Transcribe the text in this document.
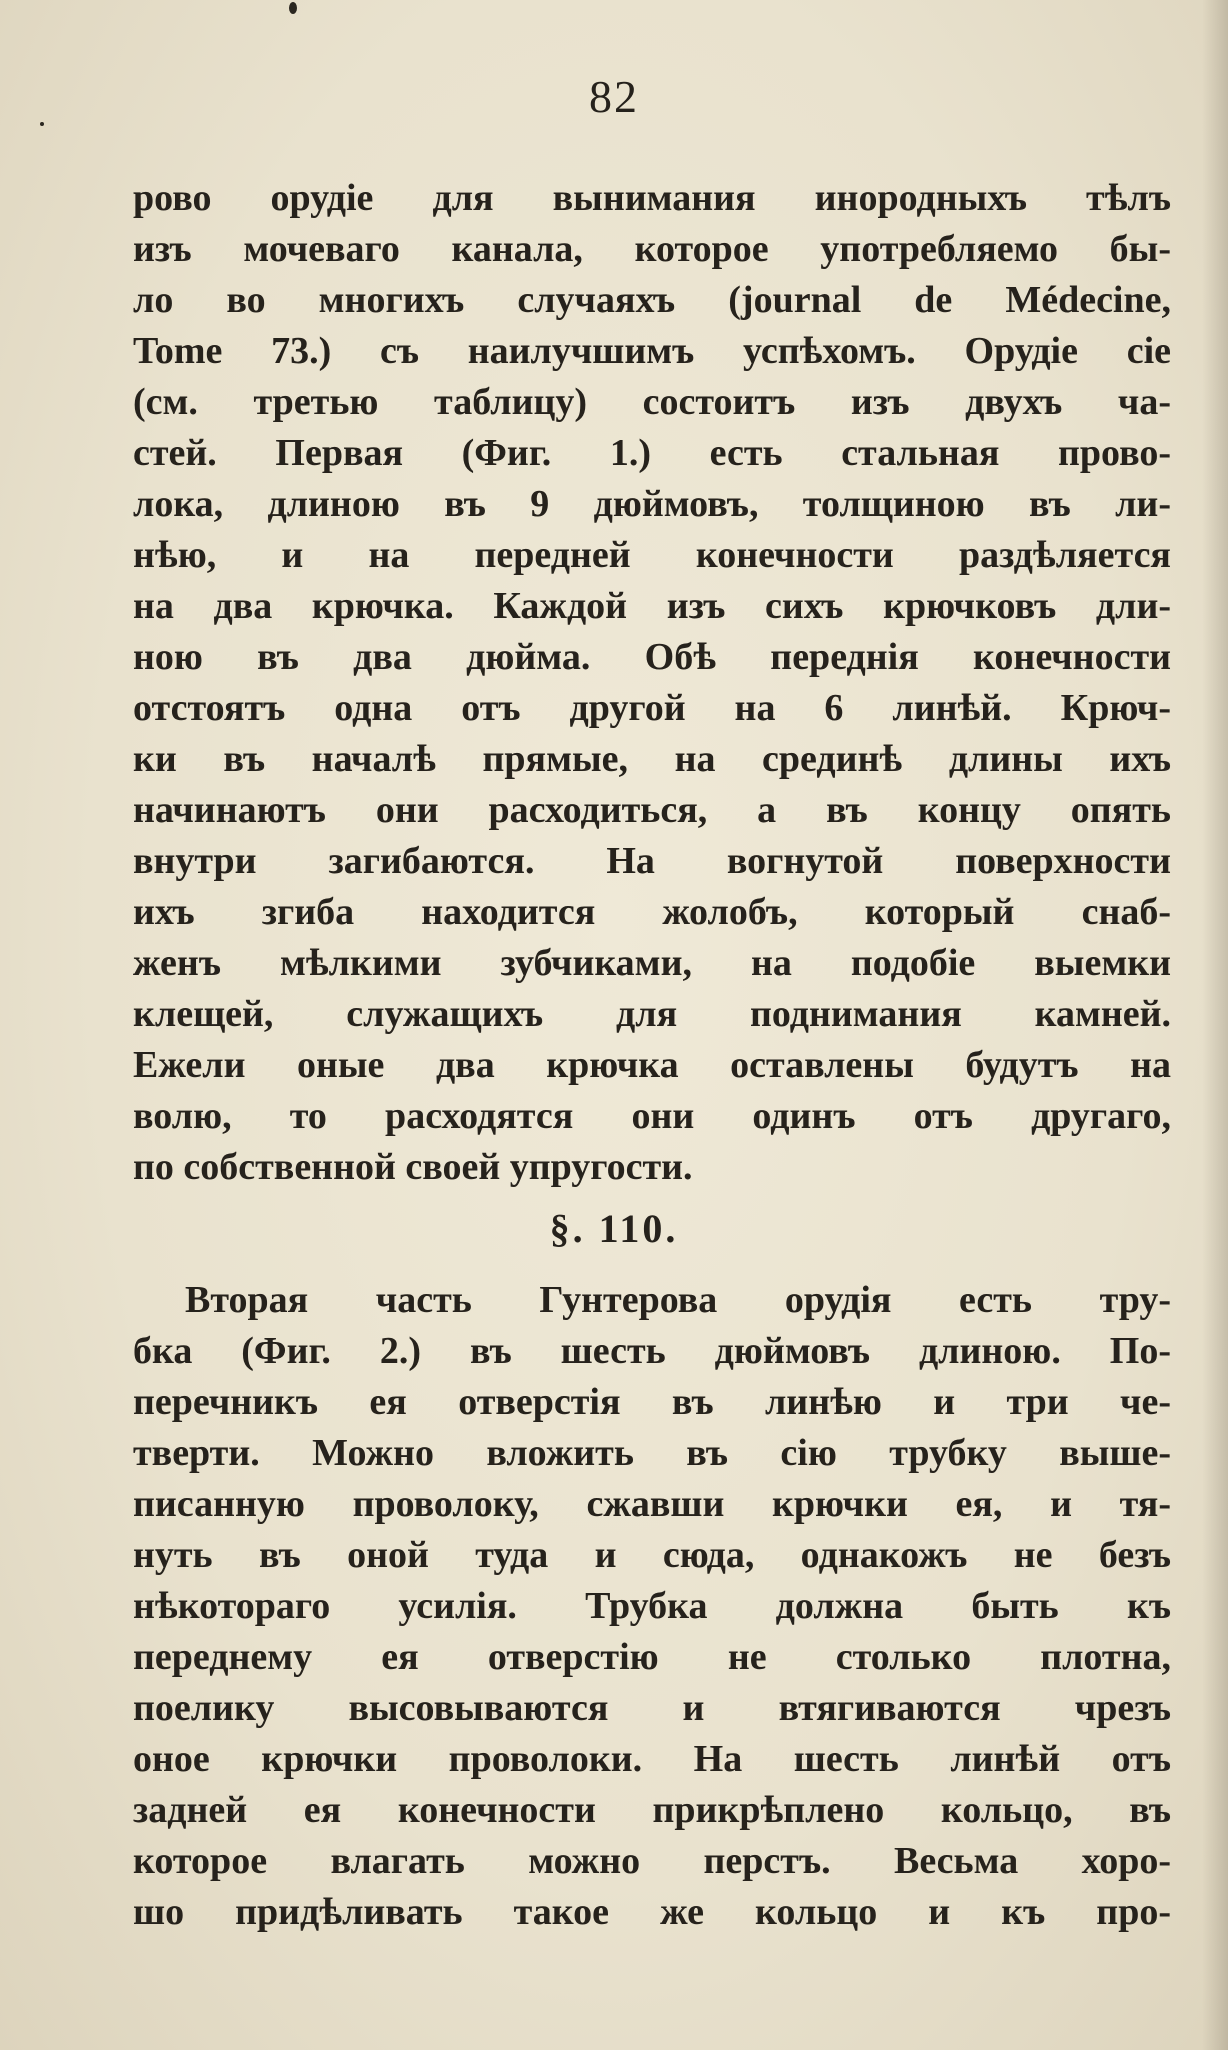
82
рово орудіе для вынимания инородныхъ тѣлъ
изъ мочеваго канала, которое употребляемо бы-
ло во многихъ случаяхъ (journal de Médecine,
Tome 73.) съ наилучшимъ успѣхомъ. Орудіе сіе
(см. третью таблицу) состоитъ изъ двухъ ча-
стей. Первая (Фиг. 1.) есть стальная прово-
лока, длиною въ 9 дюймовъ, толщиною въ ли-
нѣю, и на передней конечности раздѣляется
на два крючка. Каждой изъ сихъ крючковъ дли-
ною въ два дюйма. Обѣ переднія конечности
отстоятъ одна отъ другой на 6 линѣй. Крюч-
ки въ началѣ прямые, на срединѣ длины ихъ
начинаютъ они расходиться, а въ концу опять
внутри загибаются. На вогнутой поверхности
ихъ згиба находится жолобъ, который снаб-
женъ мѣлкими зубчиками, на подобіе выемки
клещей, служащихъ для поднимания камней.
Ежели оные два крючка оставлены будутъ на
волю, то расходятся они одинъ отъ другаго,
по собственной своей упругости.
§. 110.
Вторая часть Гунтерова орудія есть тру-
бка (Фиг. 2.) въ шесть дюймовъ длиною. По-
перечникъ ея отверстія въ линѣю и три че-
тверти. Можно вложить въ сію трубку выше-
писанную проволоку, сжавши крючки ея, и тя-
нуть въ оной туда и сюда, однакожъ не безъ
нѣкотораго усилія. Трубка должна быть къ
переднему ея отверстію не столько плотна,
поелику высовываются и втягиваются чрезъ
оное крючки проволоки. На шесть линѣй отъ
задней ея конечности прикрѣплено кольцо, въ
которое влагать можно перстъ. Весьма хоро-
шо придѣливать такое же кольцо и къ про-
